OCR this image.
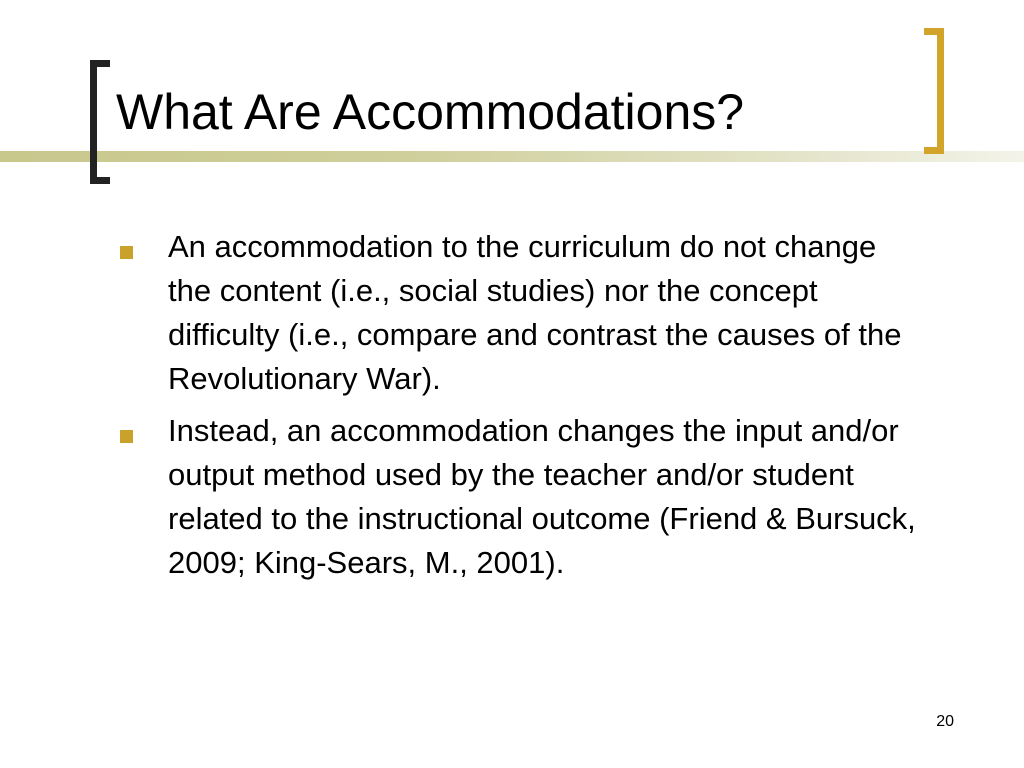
What Are Accommodations?
An accommodation to the curriculum do not change the content (i.e., social studies) nor the concept difficulty (i.e., compare and contrast the causes of the Revolutionary War).
Instead, an accommodation changes the input and/or output method used by the teacher and/or student related to the instructional outcome (Friend & Bursuck, 2009; King-Sears, M., 2001).
20
